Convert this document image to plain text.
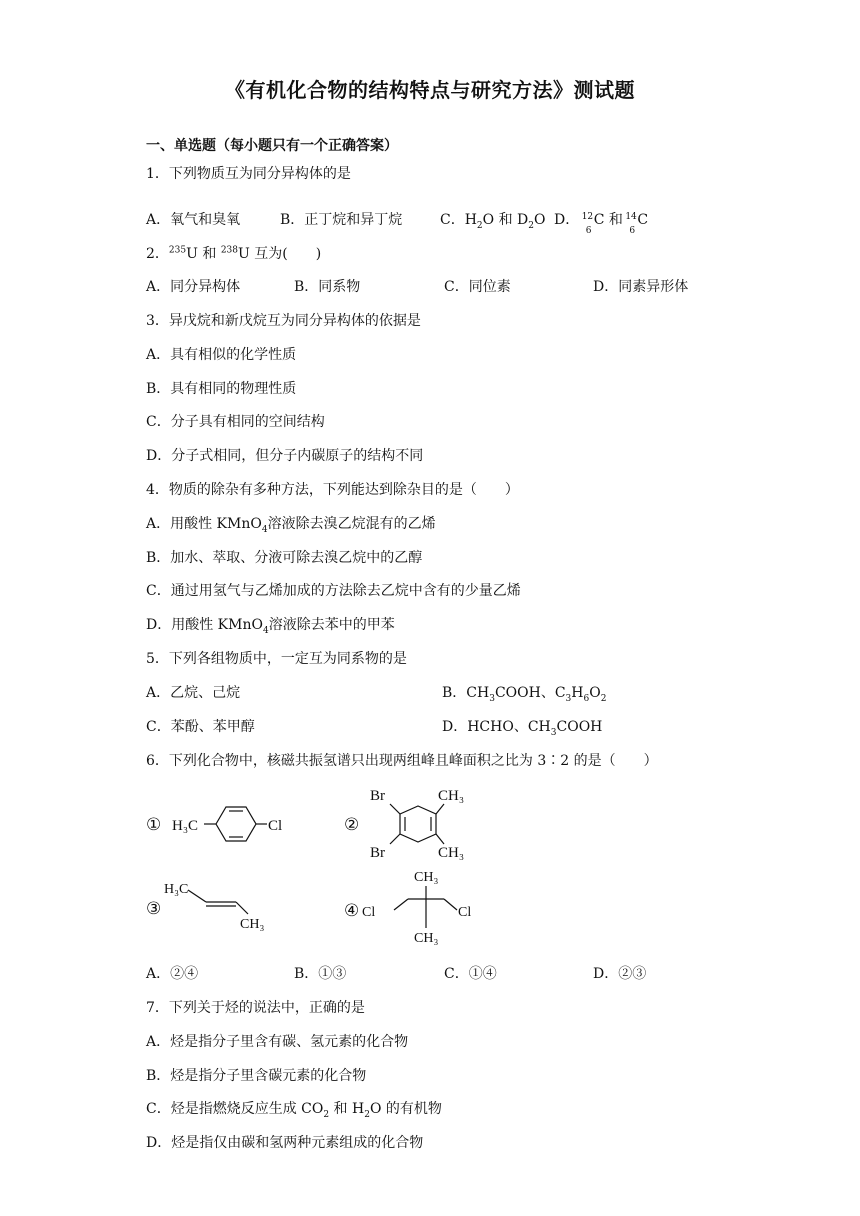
《有机化合物的结构特点与研究方法》测试题
一、单选题（每小题只有一个正确答案）
1．下列物质互为同分异构体的是
A．氧气和臭氧	B．正丁烷和异丁烷	C．$H_2O$ 和 $D_2O$ D． 12
6
C 和 14
6
C
2．$^{235}$U 和 $^{238}$U 互为(　　)
A．同分异构体	B．同系物	C．同位素	D．同素异形体
3．异戊烷和新戊烷互为同分异构体的依据是
A．具有相似的化学性质
B．具有相同的物理性质
C．分子具有相同的空间结构
D．分子式相同，但分子内碳原子的结构不同
4．物质的除杂有多种方法，下列能达到除杂目的是（　　）
A．用酸性 KMnO$_4$溶液除去溴乙烷混有的乙烯
B．加水、萃取、分液可除去溴乙烷中的乙醇
C．通过用氢气与乙烯加成的方法除去乙烷中含有的少量乙烯
D．用酸性 KMnO$_4$溶液除去苯中的甲苯
5．下列各组物质中，一定互为同系物的是
A．乙烷、己烷	B．$CH_3COOH$、$C_3H_6O_2$
C．苯酚、苯甲醇	D．HCHO、$CH_3COOH$
6．下列化合物中，核磁共振氢谱只出现两组峰且峰面积之比为 3∶2 的是（　　）
① H₃C	Cl	②
Br
Br
CH₃
CH₃
③
H₃C
CH₃
④
CH₃
CH₃
Cl	Cl
A．②④	B．①③	C．①④	D．②③
7．下列关于烃的说法中，正确的是
A．烃是指分子里含有碳、氢元素的化合物
B．烃是指分子里含碳元素的化合物
C．烃是指燃烧反应生成 $CO_2$ 和 $H_2O$ 的有机物
D．烃是指仅由碳和氢两种元素组成的化合物
